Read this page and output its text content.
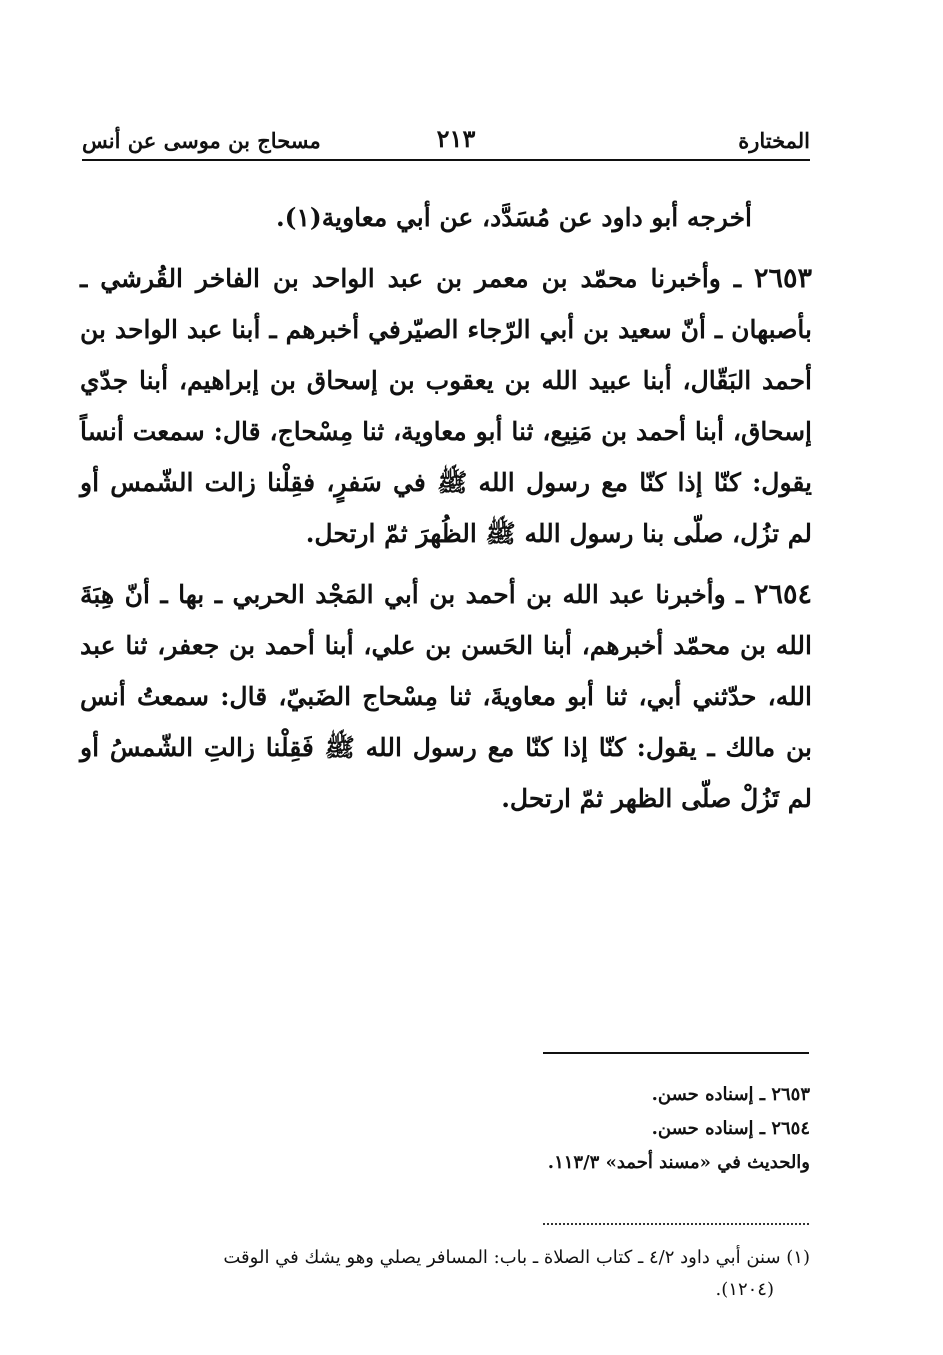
المختارة
٢١٣
مسحاج بن موسى عن أنس

أخرجه أبو داود عن مُسَدَّد، عن أبي معاوية(١).

٢٦٥٣ ـ وأخبرنا محمّد بن معمر بن عبد الواحد بن الفاخر القُرشي ـ بأصبهان ـ أنّ سعيد بن أبي الرّجاء الصيّرفي أخبرهم ـ أبنا عبد الواحد بن أحمد البَقّال، أبنا عبيد الله بن يعقوب بن إسحاق بن إبراهيم، أبنا جدّي إسحاق، أبنا أحمد بن مَنِيع، ثنا أبو معاوية، ثنا مِسْحاج، قال: سمعت أنساً يقول: كنّا إذا كنّا مع رسول الله ﷺ في سَفرٍ، فقِلْنا زالت الشّمس أو لم تزُل، صلّى بنا رسول الله ﷺ الظُهرَ ثمّ ارتحل.

٢٦٥٤ ـ وأخبرنا عبد الله بن أحمد بن أبي المَجْد الحربي ـ بها ـ أنّ هِبَةَ الله بن محمّد أخبرهم، أبنا الحَسن بن علي، أبنا أحمد بن جعفر، ثنا عبد الله، حدّثني أبي، ثنا أبو معاويةَ، ثنا مِسْحاج الضَبيّ، قال: سمعتُ أنس بن مالك ـ يقول: كنّا إذا كنّا مع رسول الله ﷺ فَقِلْنا زالتِ الشّمسُ أو لم تَزُلْ صلّى الظهر ثمّ ارتحل.

٢٦٥٣ ـ إسناده حسن.
٢٦٥٤ ـ إسناده حسن.
والحديث في «مسند أحمد» ١١٣/٣.
(١) سنن أبي داود ٤/٢ ـ كتاب الصلاة ـ باب: المسافر يصلي وهو يشك في الوقت
(١٢٠٤).
